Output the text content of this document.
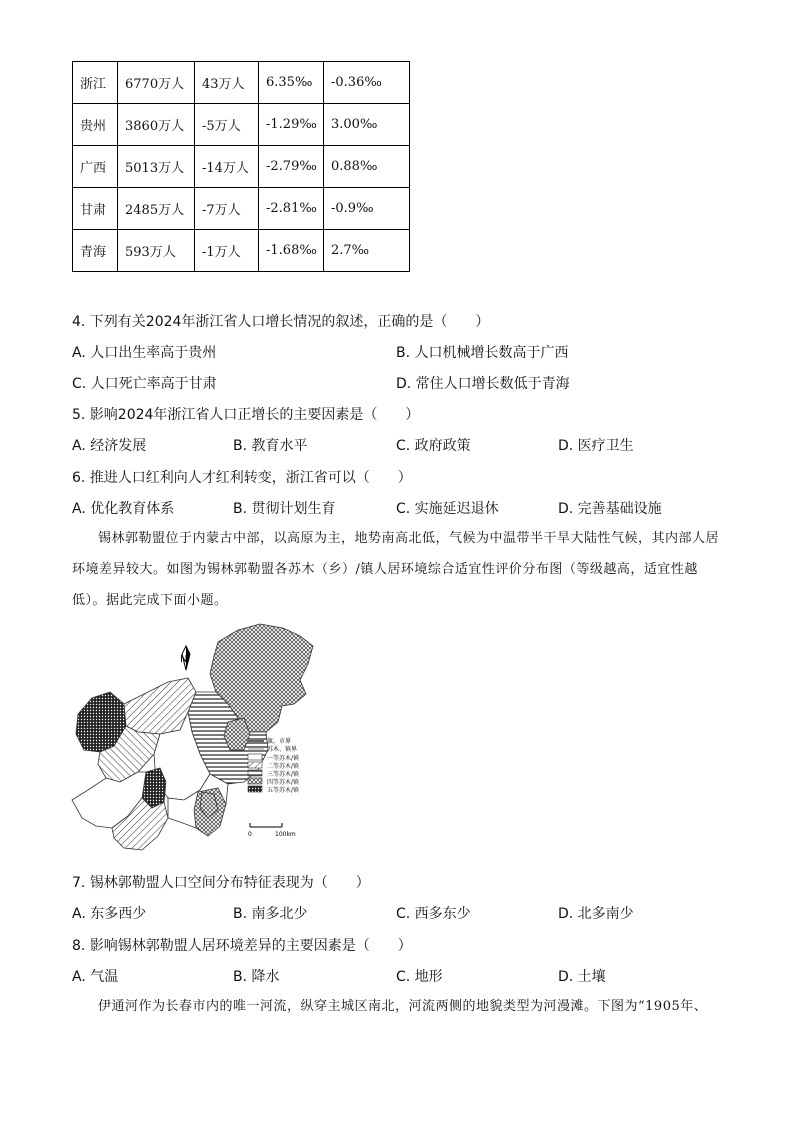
浙江	6770万人	43万人	6.35‰	-0.36‰
贵州	3860万人	-5万人	-1.29‰	3.00‰
广西	5013万人	-14万人	-2.79‰	0.88‰
甘肃	2485万人	-7万人	-2.81‰	-0.9‰
青海	593万人	-1万人	-1.68‰	2.7‰
4. 下列有关2024年浙江省人口增长情况的叙述，正确的是（　　）
A. 人口出生率高于贵州	B. 人口机械增长数高于广西
C. 人口死亡率高于甘肃	D. 常住人口增长数低于青海
5. 影响2024年浙江省人口正增长的主要因素是（　　）
A. 经济发展	B. 教育水平	C. 政府政策	D. 医疗卫生
6. 推进人口红利向人才红利转变，浙江省可以（　　）
A. 优化教育体系	B. 贯彻计划生育	C. 实施延迟退休	D. 完善基础设施
锡林郭勒盟位于内蒙古中部，以高原为主，地势南高北低，气候为中温带半干旱大陆性气候，其内部人居环境差异较大。如图为锡林郭勒盟各苏木（乡）/镇人居环境综合适宜性评价分布图（等级越高，适宜性越低）。据此完成下面小题。
N
旗、市界
苏木、镇界
一等苏木/镇
二等苏木/镇
三等苏木/镇
四等苏木/镇
五等苏木/镇
0	100km
7. 锡林郭勒盟人口空间分布特征表现为（　　）
A. 东多西少	B. 南多北少	C. 西多东少	D. 北多南少
8. 影响锡林郭勒盟人居环境差异的主要因素是（　　）
A. 气温	B. 降水	C. 地形	D. 土壤
伊通河作为长春市内的唯一河流，纵穿主城区南北，河流两侧的地貌类型为河漫滩。下图为“1905年、
